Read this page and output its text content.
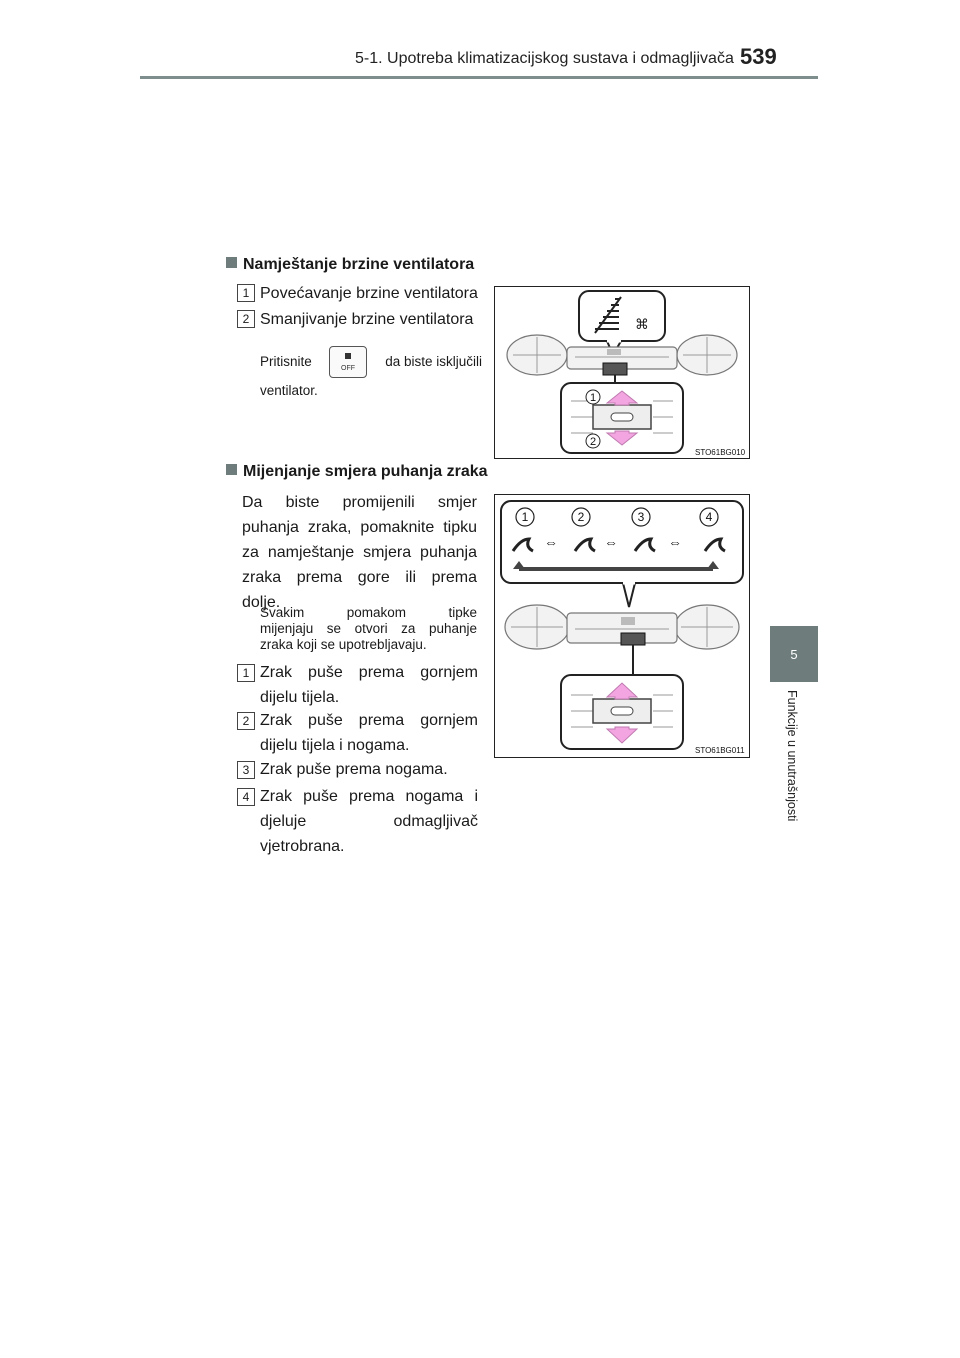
5-1. Upotreba klimatizacijskog sustava i odmagljivača 539
5
Funkcije u unutrašnjosti
Namještanje brzine ventilatora
1 Povećavanje brzine ventilatora
2 Smanjivanje brzine ventilatora
Pritisnite	OFF da biste isključili
ventilator.
⌘
1
2
STO61BG010
Mijenjanje smjera puhanja zraka
Da biste promijenili smjer
puhanja zraka, pomaknite tipku
za namještanje smjera puhanja
zraka prema gore ili prema
dolje.
Svakim pomakom tipke
mijenjaju se otvori za puhanje
zraka koji se upotrebljavaju.
1 Zrak puše prema gornjem
dijelu tijela.
2 Zrak puše prema gornjem
dijelu tijela i nogama.
3 Zrak puše prema nogama.
4 Zrak puše prema nogama i
djeluje odmagljivač
vjetrobrana.
1	2	3	4
⇔	⇔	⇔
STO61BG011
